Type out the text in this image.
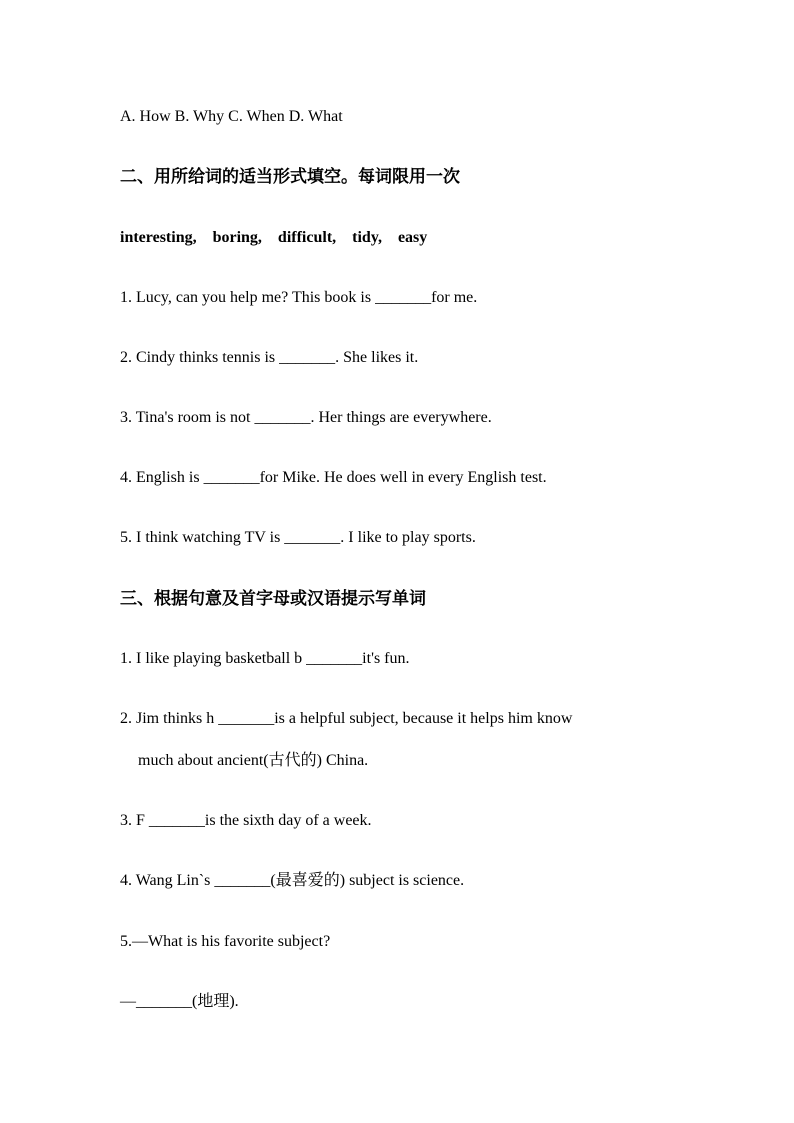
A. How B. Why C. When D. What
二、用所给词的适当形式填空。每词限用一次
interesting,    boring,    difficult,    tidy,    easy
1. Lucy, can you help me? This book is _______for me.
2. Cindy thinks tennis is _______. She likes it.
3. Tina's room is not _______. Her things are everywhere.
4. English is _______for Mike. He does well in every English test.
5. I think watching TV is _______. I like to play sports.
三、根据句意及首字母或汉语提示写单词
1. I like playing basketball b _______it's fun.
2. Jim thinks h _______is a helpful subject, because it helps him know
much about ancient(古代的) China.
3. F _______is the sixth day of a week.
4. Wang Lin`s _______(最喜爱的) subject is science.
5.—What is his favorite subject?
—_______(地理).
